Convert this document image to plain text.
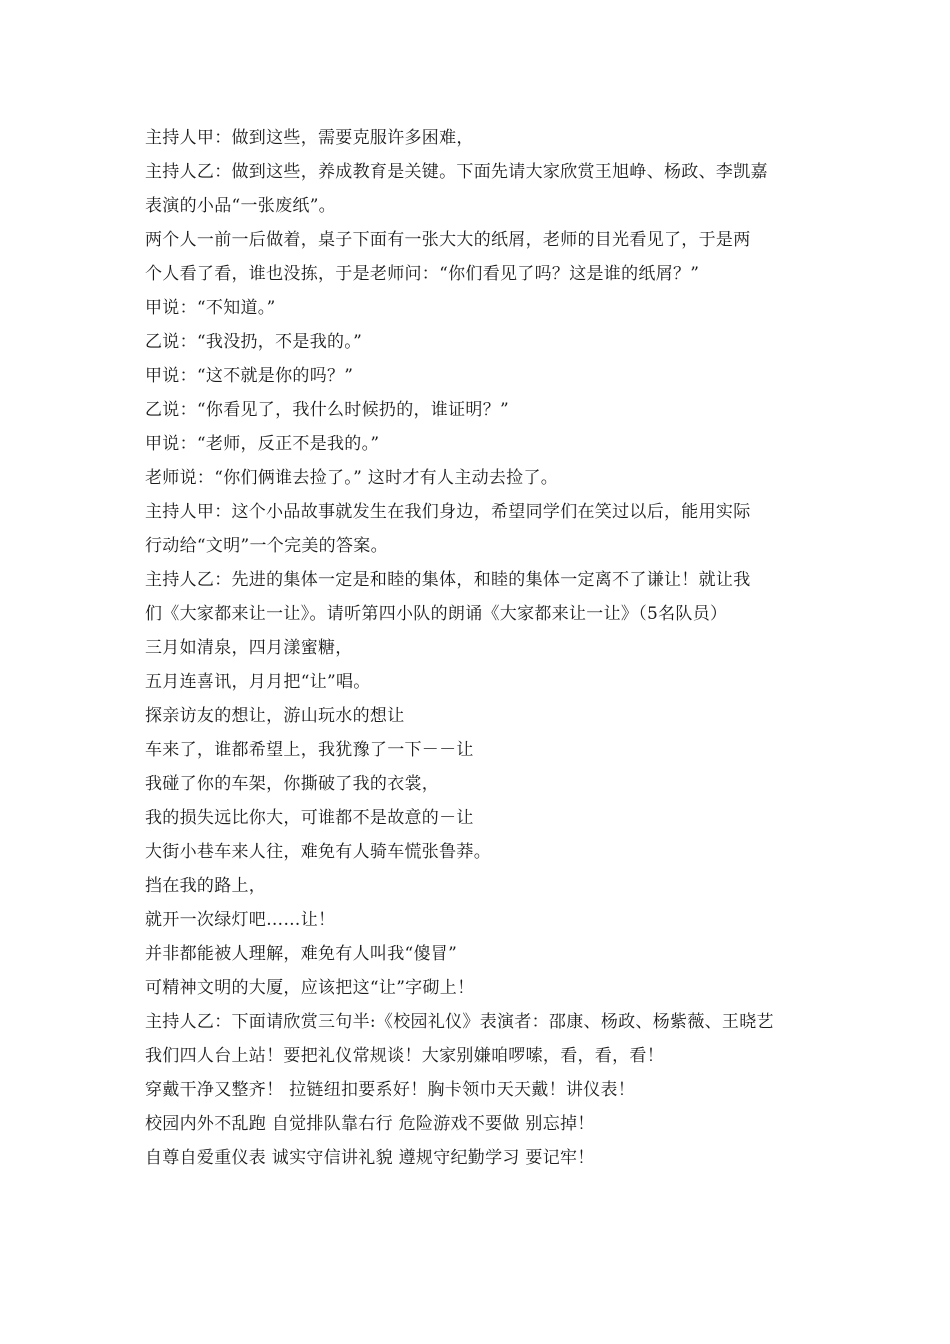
主持人甲：做到这些，需要克服许多困难，
主持人乙：做到这些，养成教育是关键。下面先请大家欣赏王旭峥、杨政、李凯嘉
表演的小品“一张废纸”。
两个人一前一后做着，桌子下面有一张大大的纸屑，老师的目光看见了，于是两
个人看了看，谁也没拣，于是老师问：“你们看见了吗？这是谁的纸屑？”
甲说：“不知道。”
乙说：“我没扔，不是我的。”
甲说：“这不就是你的吗？”
乙说：“你看见了，我什么时候扔的，谁证明？”
甲说：“老师，反正不是我的。”
老师说：“你们俩谁去捡了。” 这时才有人主动去捡了。
主持人甲：这个小品故事就发生在我们身边，希望同学们在笑过以后，能用实际
行动给“文明”一个完美的答案。
主持人乙：先进的集体一定是和睦的集体，和睦的集体一定离不了谦让！就让我
们《大家都来让一让》。请听第四小队的朗诵《大家都来让一让》（5名队员）
三月如清泉，四月漾蜜糖，
五月连喜讯，月月把“让”唱。
探亲访友的想让，游山玩水的想让
车来了，谁都希望上，我犹豫了一下－－让
我碰了你的车架，你撕破了我的衣裳，
我的损失远比你大，可谁都不是故意的－让
大街小巷车来人往，难免有人骑车慌张鲁莽。
挡在我的路上，
就开一次绿灯吧……让！
并非都能被人理解，难免有人叫我“傻冒”
可精神文明的大厦，应该把这“让”字砌上！
主持人乙：下面请欣赏三句半:《校园礼仪》表演者：邵康、杨政、杨紫薇、王晓艺
我们四人台上站！要把礼仪常规谈！大家别嫌咱啰嗦，看，看，看！
穿戴干净又整齐！ 拉链纽扣要系好！胸卡领巾天天戴！讲仪表！
校园内外不乱跑 自觉排队靠右行 危险游戏不要做 别忘掉！
自尊自爱重仪表 诚实守信讲礼貌 遵规守纪勤学习 要记牢！
